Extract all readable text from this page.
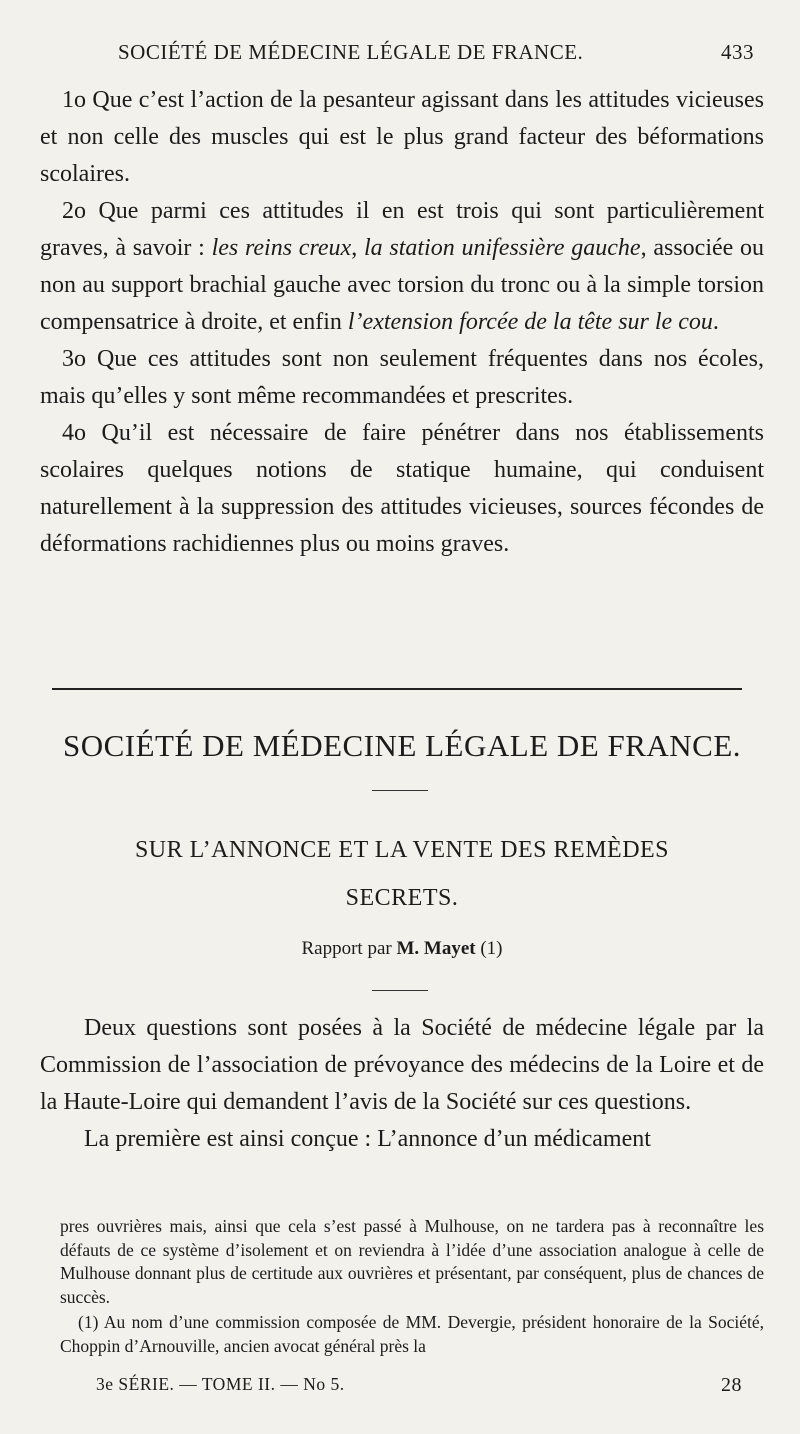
SOCIÉTÉ DE MÉDECINE LÉGALE DE FRANCE.	433

1o Que c’est l’action de la pesanteur agissant dans les attitudes vicieuses et non celle des muscles qui est le plus grand facteur des béformations scolaires.

2o Que parmi ces attitudes il en est trois qui sont particulièrement graves, à savoir : les reins creux, la station unifessière gauche, associée ou non au support brachial gauche avec torsion du tronc ou à la simple torsion compensatrice à droite, et enfin l’extension forcée de la tête sur le cou.

3o Que ces attitudes sont non seulement fréquentes dans nos écoles, mais qu’elles y sont même recommandées et prescrites.

4o Qu’il est nécessaire de faire pénétrer dans nos établissements scolaires quelques notions de statique humaine, qui conduisent naturellement à la suppression des attitudes vicieuses, sources fécondes de déformations rachidiennes plus ou moins graves.

SOCIÉTÉ DE MÉDECINE LÉGALE DE FRANCE.
SUR L’ANNONCE ET LA VENTE DES REMÈDES
SECRETS.
Rapport par M. Mayet (1)

Deux questions sont posées à la Société de médecine légale par la Commission de l’association de prévoyance des médecins de la Loire et de la Haute-Loire qui demandent l’avis de la Société sur ces questions.

La première est ainsi conçue : L’annonce d’un médicament

pres ouvrières mais, ainsi que cela s’est passé à Mulhouse, on ne tardera pas à reconnaître les défauts de ce système d’isolement et on reviendra à l’idée d’une association analogue à celle de Mulhouse donnant plus de certitude aux ouvrières et présentant, par conséquent, plus de chances de succès.

(1) Au nom d’une commission composée de MM. Devergie, président honoraire de la Société, Choppin d’Arnouville, ancien avocat général près la

3e SÉRIE. — TOME II. — No 5.	28
